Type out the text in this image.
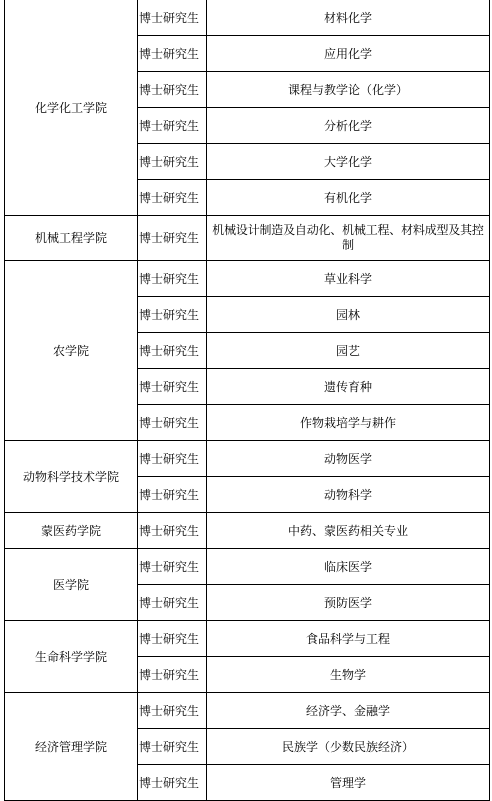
化学化工学院	博士研究生	材料化学
	博士研究生	应用化学
	博士研究生	课程与教学论（化学）
	博士研究生	分析化学
	博士研究生	大学化学
	博士研究生	有机化学
机械工程学院	博士研究生	机械设计制造及自动化、机械工程、材料成型及其控制
农学院	博士研究生	草业科学
	博士研究生	园林
	博士研究生	园艺
	博士研究生	遗传育种
	博士研究生	作物栽培学与耕作
动物科学技术学院	博士研究生	动物医学
	博士研究生	动物科学
蒙医药学院	博士研究生	中药、蒙医药相关专业
医学院	博士研究生	临床医学
	博士研究生	预防医学
生命科学学院	博士研究生	食品科学与工程
	博士研究生	生物学
经济管理学院	博士研究生	经济学、金融学
	博士研究生	民族学（少数民族经济）
	博士研究生	管理学
